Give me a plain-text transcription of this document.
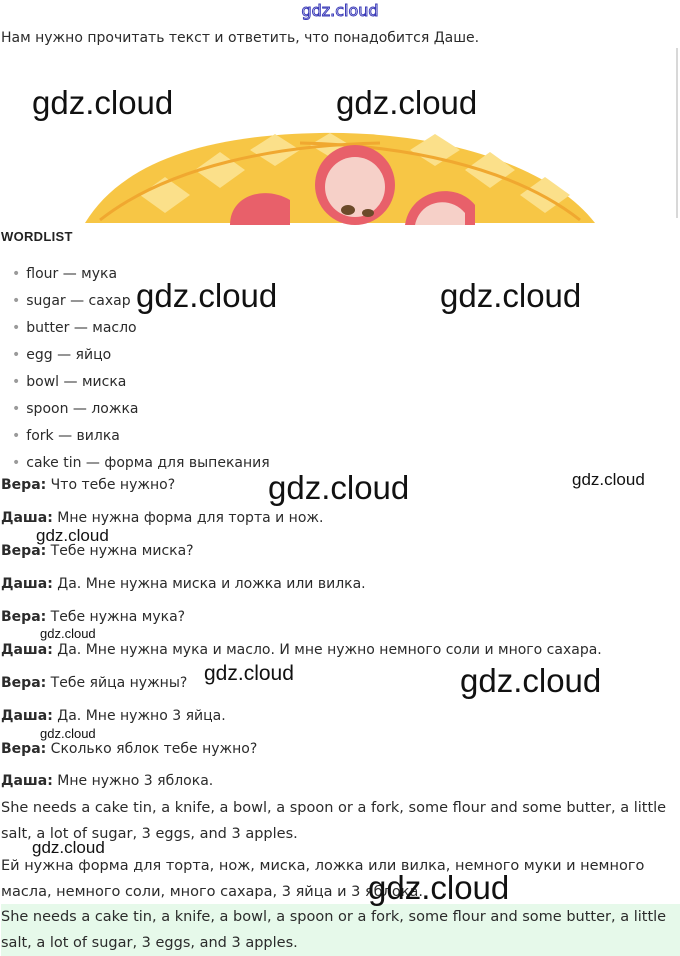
gdz.cloud
Нам нужно прочитать текст и ответить, что понадобится Даше.
WORDLIST
• flour — мука
• sugar — сахар
• butter — масло
• egg — яйцо
• bowl — миска
• spoon — ложка
• fork — вилка
• cake tin — форма для выпекания
Вера: Что тебе нужно?
Даша: Мне нужна форма для торта и нож.
Вера: Тебе нужна миска?
Даша: Да. Мне нужна миска и ложка или вилка.
Вера: Тебе нужна мука?
Даша: Да. Мне нужна мука и масло. И мне нужно немного соли и много сахара.
Вера: Тебе яйца нужны?
Даша: Да. Мне нужно 3 яйца.
Вера: Сколько яблок тебе нужно?
Даша: Мне нужно 3 яблока.
She needs a cake tin, a knife, a bowl, a spoon or a fork, some flour and some butter, a little salt, a lot of sugar, 3 eggs, and 3 apples.
Ей нужна форма для торта, нож, миска, ложка или вилка, немного муки и немного масла, немного соли, много сахара, 3 яйца и 3 яблока.
She needs a cake tin, a knife, a bowl, a spoon or a fork, some flour and some butter, a little salt, a lot of sugar, 3 eggs, and 3 apples.
gdz.cloud	gdz.cloud
gdz.cloud	gdz.cloud
gdz.cloud
gdz.cloud
gdz.cloud
gdz.cloud
gdz.cloud	gdz.cloud
gdz.cloud
gdz.cloud
gdz.cloud
